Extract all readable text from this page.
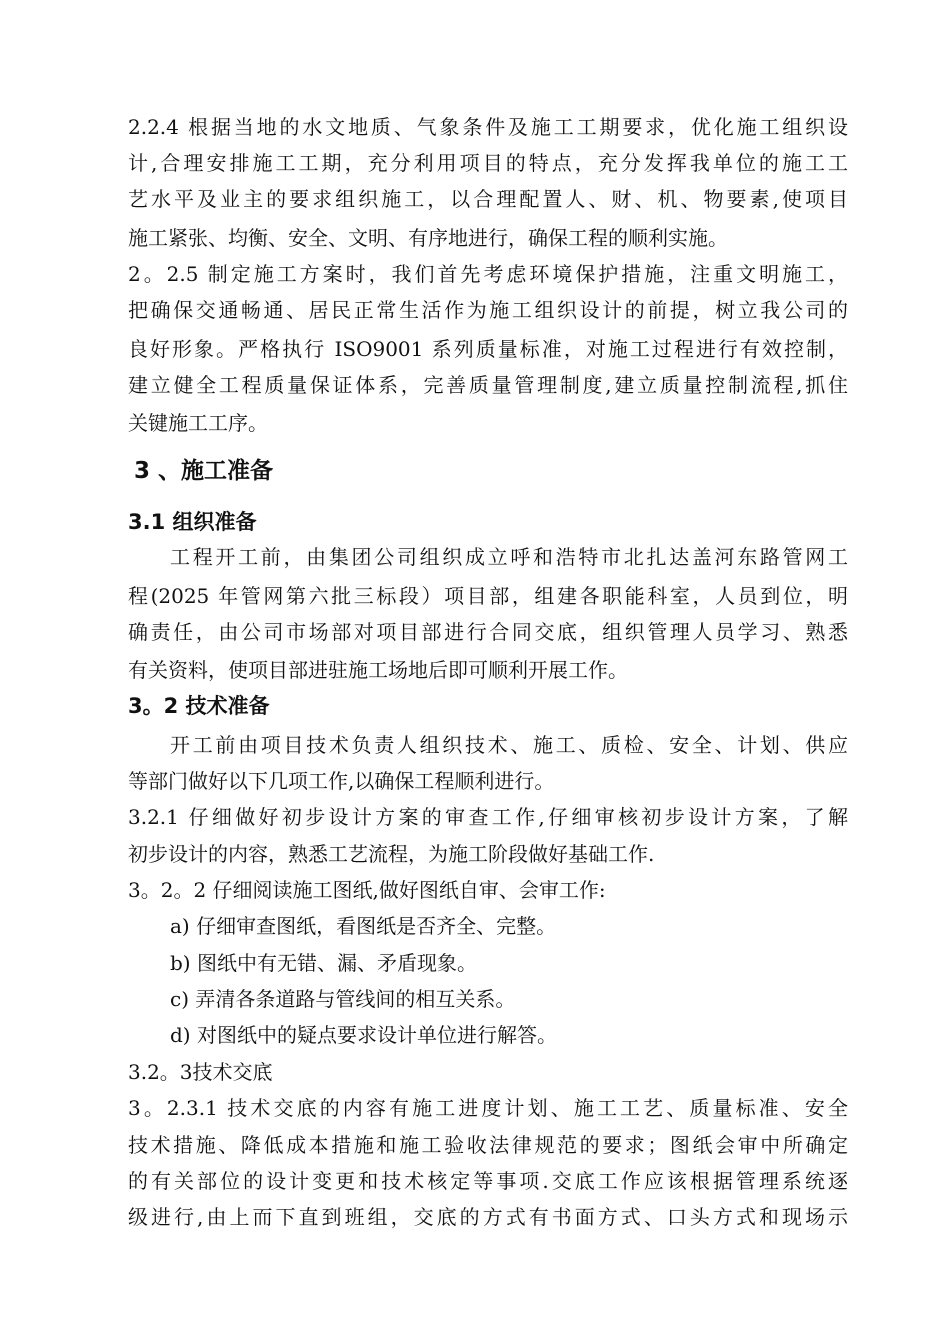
2.2.4 根据当地的水文地质、气象条件及施工工期要求，优化施工组织设
计,合理安排施工工期，充分利用项目的特点，充分发挥我单位的施工工
艺水平及业主的要求组织施工，以合理配置人、财、机、物要素,使项目
施工紧张、均衡、安全、文明、有序地进行，确保工程的顺利实施。
2。2.5 制定施工方案时，我们首先考虑环境保护措施，注重文明施工，
把确保交通畅通、居民正常生活作为施工组织设计的前提，树立我公司的
良好形象。严格执行 ISO9001 系列质量标准，对施工过程进行有效控制，
建立健全工程质量保证体系，完善质量管理制度,建立质量控制流程,抓住
关键施工工序。
3 、施工准备
3.1 组织准备
工程开工前，由集团公司组织成立呼和浩特市北扎达盖河东路管网工
程(2025 年管网第六批三标段）项目部，组建各职能科室，人员到位，明
确责任，由公司市场部对项目部进行合同交底，组织管理人员学习、熟悉
有关资料，使项目部进驻施工场地后即可顺利开展工作。
3。2 技术准备
开工前由项目技术负责人组织技术、施工、质检、安全、计划、供应
等部门做好以下几项工作,以确保工程顺利进行。
3.2.1 仔细做好初步设计方案的审查工作,仔细审核初步设计方案，了解
初步设计的内容，熟悉工艺流程，为施工阶段做好基础工作.
3。2。2 仔细阅读施工图纸,做好图纸自审、会审工作:
a) 仔细审查图纸，看图纸是否齐全、完整。
b) 图纸中有无错、漏、矛盾现象。
c) 弄清各条道路与管线间的相互关系。
d) 对图纸中的疑点要求设计单位进行解答。
3.2。3技术交底
3。2.3.1 技术交底的内容有施工进度计划、施工工艺、质量标准、安全
技术措施、降低成本措施和施工验收法律规范的要求；图纸会审中所确定
的有关部位的设计变更和技术核定等事项.交底工作应该根据管理系统逐
级进行,由上而下直到班组，交底的方式有书面方式、口头方式和现场示
